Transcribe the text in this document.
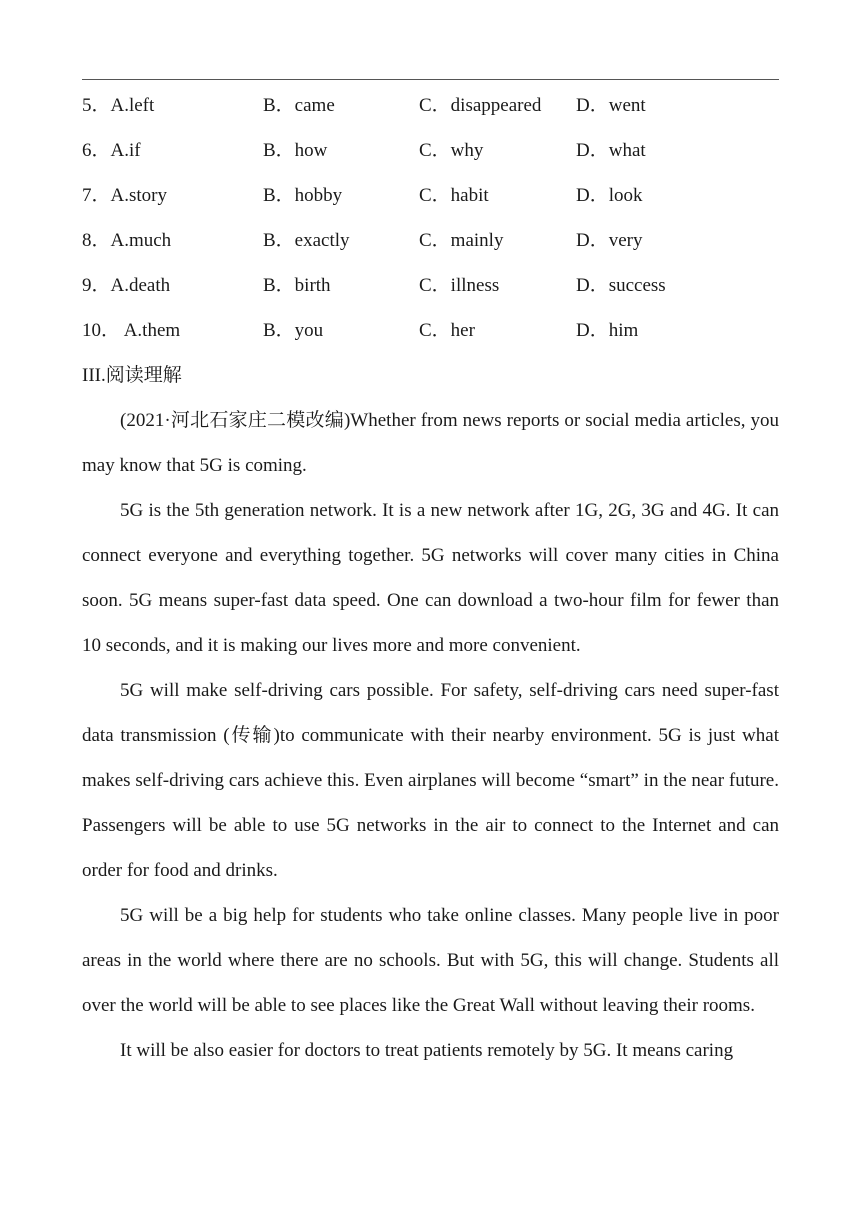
5．A.left	B．came	C．disappeared D．went
6．A.if	B．how	C．why	D．what
7．A.story	B．hobby	C．habit	D．look
8．A.much	B．exactly	C．mainly	D．very
9．A.death	B．birth	C．illness	D．success
10． A.them	B．you	C．her	D．him
III.阅读理解

(2021·河北石家庄二模改编)Whether from news reports or social media articles, you may know that 5G is coming.

5G is the 5th generation network. It is a new network after 1G, 2G, 3G and 4G. It can connect everyone and everything together. 5G networks will cover many cities in China soon. 5G means super-fast data speed. One can download a two-hour film for fewer than 10 seconds, and it is making our lives more and more convenient.

5G will make self-driving cars possible. For safety, self-driving cars need super-fast data transmission (传输)to communicate with their nearby environment. 5G is just what makes self-driving cars achieve this. Even airplanes will become “smart” in the near future. Passengers will be able to use 5G networks in the air to connect to the Internet and can order for food and drinks.

5G will be a big help for students who take online classes. Many people live in poor areas in the world where there are no schools. But with 5G, this will change. Students all over the world will be able to see places like the Great Wall without leaving their rooms.

It will be also easier for doctors to treat patients remotely by 5G. It means caring
